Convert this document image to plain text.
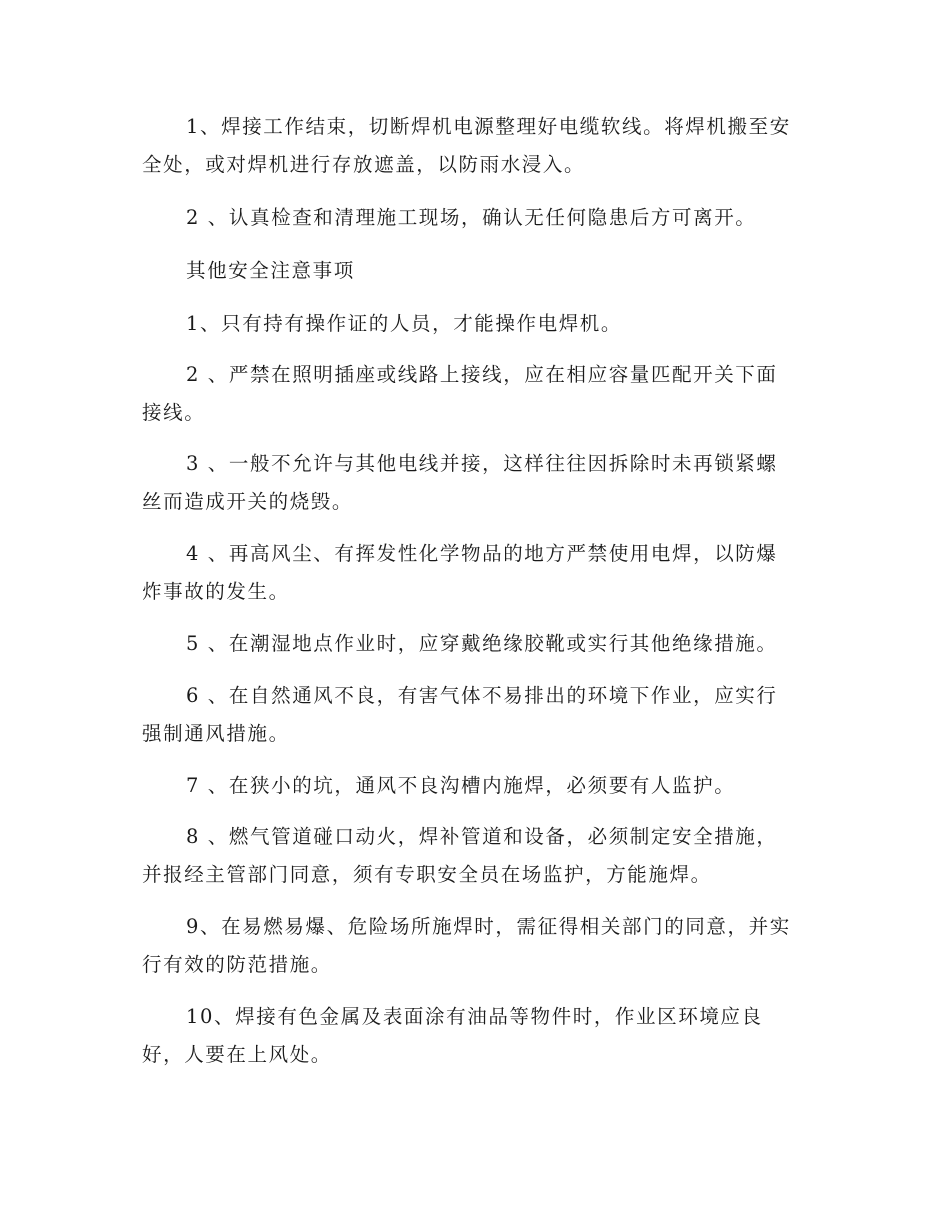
1、焊接工作结束，切断焊机电源整理好电缆软线。将焊机搬至安
全处，或对焊机进行存放遮盖，以防雨水浸入。

2 、认真检查和清理施工现场，确认无任何隐患后方可离开。

其他安全注意事项

1、只有持有操作证的人员，才能操作电焊机。

2 、严禁在照明插座或线路上接线，应在相应容量匹配开关下面
接线。

3 、一般不允许与其他电线并接，这样往往因拆除时未再锁紧螺
丝而造成开关的烧毁。

4 、再高风尘、有挥发性化学物品的地方严禁使用电焊，以防爆
炸事故的发生。

5 、在潮湿地点作业时，应穿戴绝缘胶靴或实行其他绝缘措施。

6 、在自然通风不良，有害气体不易排出的环境下作业，应实行
强制通风措施。

7 、在狭小的坑，通风不良沟槽内施焊，必须要有人监护。

8 、燃气管道碰口动火，焊补管道和设备，必须制定安全措施，
并报经主管部门同意，须有专职安全员在场监护，方能施焊。

9、在易燃易爆、危险场所施焊时，需征得相关部门的同意，并实
行有效的防范措施。

10、焊接有色金属及表面涂有油品等物件时，作业区环境应良
好，人要在上风处。
